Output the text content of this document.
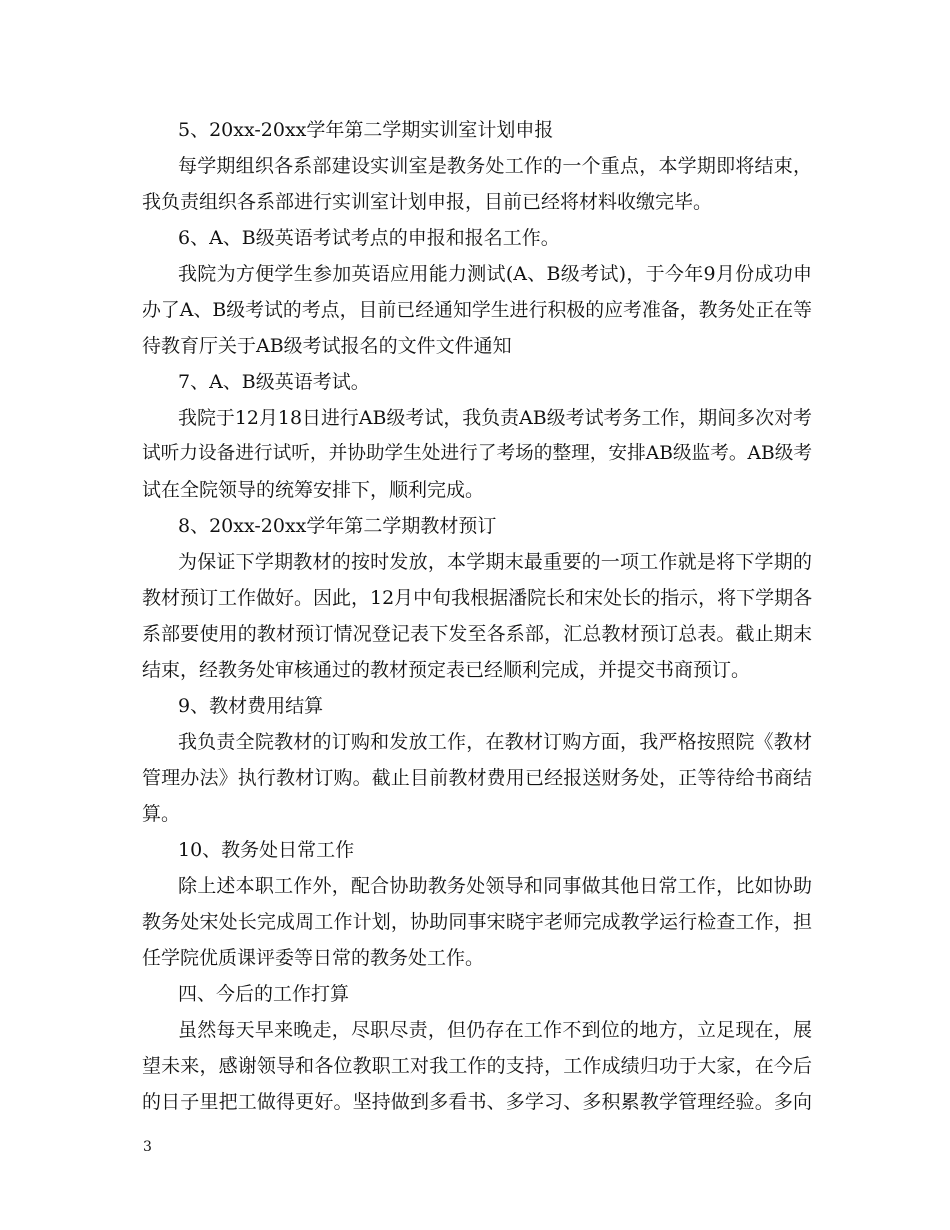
5、20xx-20xx学年第二学期实训室计划申报
每学期组织各系部建设实训室是教务处工作的一个重点，本学期即将结束，
我负责组织各系部进行实训室计划申报，目前已经将材料收缴完毕。
6、A、B级英语考试考点的申报和报名工作。
我院为方便学生参加英语应用能力测试(A、B级考试)，于今年9月份成功申
办了A、B级考试的考点，目前已经通知学生进行积极的应考准备，教务处正在等
待教育厅关于AB级考试报名的文件文件通知
7、A、B级英语考试。
我院于12月18日进行AB级考试，我负责AB级考试考务工作，期间多次对考
试听力设备进行试听，并协助学生处进行了考场的整理，安排AB级监考。AB级考
试在全院领导的统筹安排下，顺利完成。
8、20xx-20xx学年第二学期教材预订
为保证下学期教材的按时发放，本学期末最重要的一项工作就是将下学期的
教材预订工作做好。因此，12月中旬我根据潘院长和宋处长的指示，将下学期各
系部要使用的教材预订情况登记表下发至各系部，汇总教材预订总表。截止期末
结束，经教务处审核通过的教材预定表已经顺利完成，并提交书商预订。
9、教材费用结算
我负责全院教材的订购和发放工作，在教材订购方面，我严格按照院《教材
管理办法》执行教材订购。截止目前教材费用已经报送财务处，正等待给书商结
算。
10、教务处日常工作
除上述本职工作外，配合协助教务处领导和同事做其他日常工作，比如协助
教务处宋处长完成周工作计划，协助同事宋晓宇老师完成教学运行检查工作，担
任学院优质课评委等日常的教务处工作。
四、今后的工作打算
虽然每天早来晚走，尽职尽责，但仍存在工作不到位的地方，立足现在，展
望未来，感谢领导和各位教职工对我工作的支持，工作成绩归功于大家，在今后
的日子里把工做得更好。坚持做到多看书、多学习、多积累教学管理经验。多向
3
